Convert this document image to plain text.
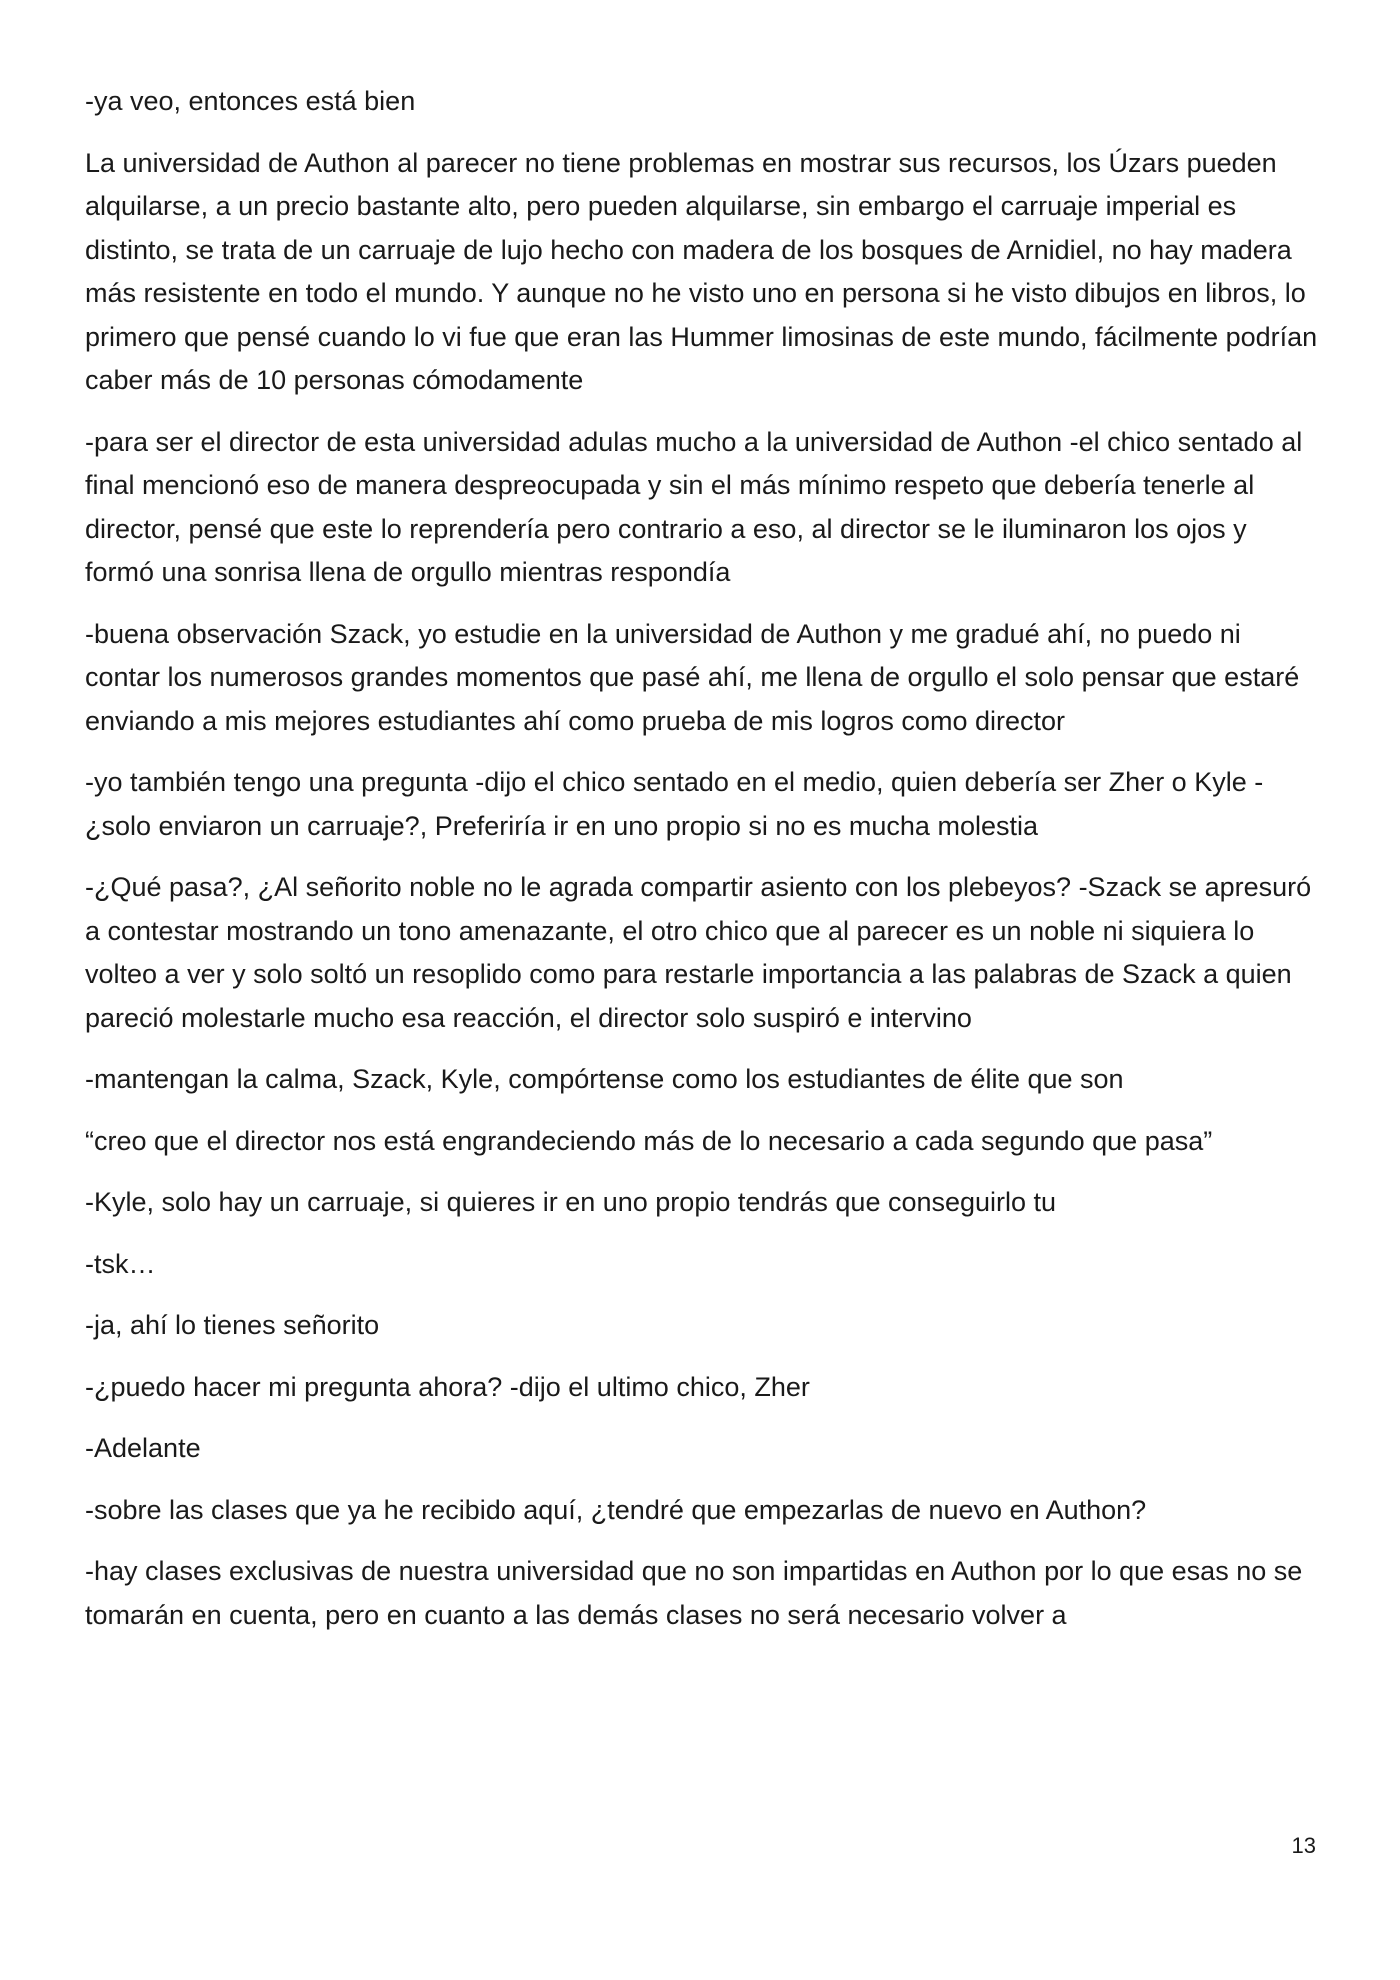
-ya veo, entonces está bien

La universidad de Authon al parecer no tiene problemas en mostrar sus recursos, los Úzars pueden alquilarse, a un precio bastante alto, pero pueden alquilarse, sin embargo el carruaje imperial es distinto, se trata de un carruaje de lujo hecho con madera de los bosques de Arnidiel, no hay madera más resistente en todo el mundo. Y aunque no he visto uno en persona si he visto dibujos en libros, lo primero que pensé cuando lo vi fue que eran las Hummer limosinas de este mundo, fácilmente podrían caber más de 10 personas cómodamente

-para ser el director de esta universidad adulas mucho a la universidad de Authon -el chico sentado al final mencionó eso de manera despreocupada y sin el más mínimo respeto que debería tenerle al director, pensé que este lo reprendería pero contrario a eso, al director se le iluminaron los ojos y formó una sonrisa llena de orgullo mientras respondía

-buena observación Szack, yo estudie en la universidad de Authon y me gradué ahí, no puedo ni contar los numerosos grandes momentos que pasé ahí, me llena de orgullo el solo pensar que estaré enviando a mis mejores estudiantes ahí como prueba de mis logros como director

-yo también tengo una pregunta -dijo el chico sentado en el medio, quien debería ser Zher o Kyle -¿solo enviaron un carruaje?, Preferiría ir en uno propio si no es mucha molestia

-¿Qué pasa?, ¿Al señorito noble no le agrada compartir asiento con los plebeyos? -Szack se apresuró a contestar mostrando un tono amenazante, el otro chico que al parecer es un noble ni siquiera lo volteo a ver y solo soltó un resoplido como para restarle importancia a las palabras de Szack a quien pareció molestarle mucho esa reacción, el director solo suspiró e intervino

-mantengan la calma, Szack, Kyle, compórtense como los estudiantes de élite que son

“creo que el director nos está engrandeciendo más de lo necesario a cada segundo que pasa”

-Kyle, solo hay un carruaje, si quieres ir en uno propio tendrás que conseguirlo tu

-tsk…

-ja, ahí lo tienes señorito

-¿puedo hacer mi pregunta ahora? -dijo el ultimo chico, Zher

-Adelante

-sobre las clases que ya he recibido aquí, ¿tendré que empezarlas de nuevo en Authon?

-hay clases exclusivas de nuestra universidad que no son impartidas en Authon por lo que esas no se tomarán en cuenta, pero en cuanto a las demás clases no será necesario volver a

13
